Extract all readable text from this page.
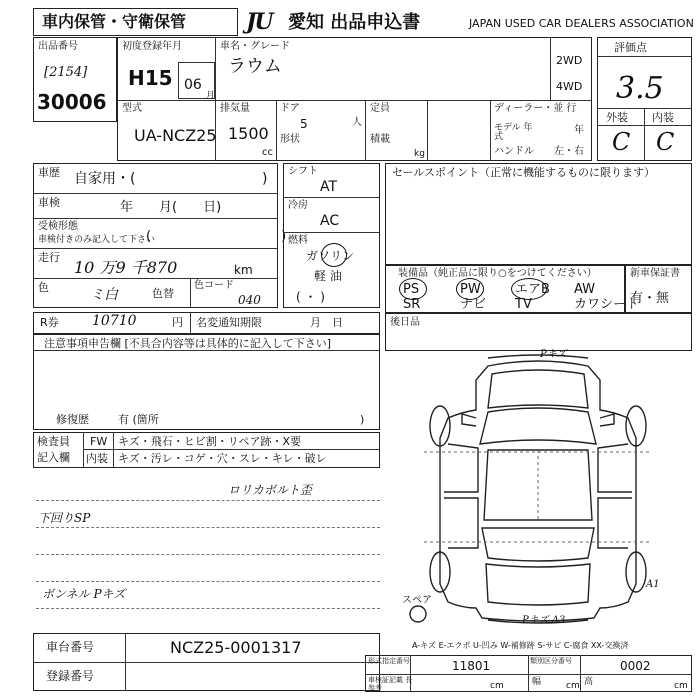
車内保管・守衛保管	JU 愛知 出品申込書	JAPAN USED CAR DEALERS ASSOCIATION
出品番号
[2154]
30006
初度登録年月
H15 06
月
車名・グレード
ラウム	2WD
4WD
型式
UA-NCZ25
排気量
1500
cc
ドア
5
形状
定員
人
積載
kg
ディーラー・並 行
モデル 年式
年
ハンドル 左・右
評価点
3.5
外装 内装
C C
車歴 自家用・(	)
車検	年　　月(　　日)
受検形態
車検付きのみ記入して下さい
(　　　　　　　　　　)
走行
10 万9 千870	km
色	ミ白	色替
色コード
040
シフト
AT
冷房
AC
燃料
ガソリン
軽 油
( ・ )
セールスポイント（正常に機能するものに限ります）
装備品（純正品に限り○をつけてください）
PS	PW	エアB AW
SR	ナビ TV	カワシート
新車保証書
有・無
R券 10710	円 名変通知期限	月　日	後日品
注意事項申告欄 [不具合内容等は具体的に記入して下さい]
修復歴	有 (箇所	)
検査員
記入欄
FW キズ・飛石・ヒビ割・リペア跡・X要
内装 キズ・汚レ・コゲ・穴・スレ・キレ・破レ
ロリカボルト歪
下回りSP
ボンネル Pキズ	スペア
Pキズ
Pキズ A3
A1
A-キズ E-エクボ U-凹み W-補修跡 S-サビ C-腐食 XX-交換済
車台番号	NCZ25-0001317
登録番号
形式指定番号	11801	類別区分番号	0002
車検証記載 長
参考	cm	幅	cm 高	cm
